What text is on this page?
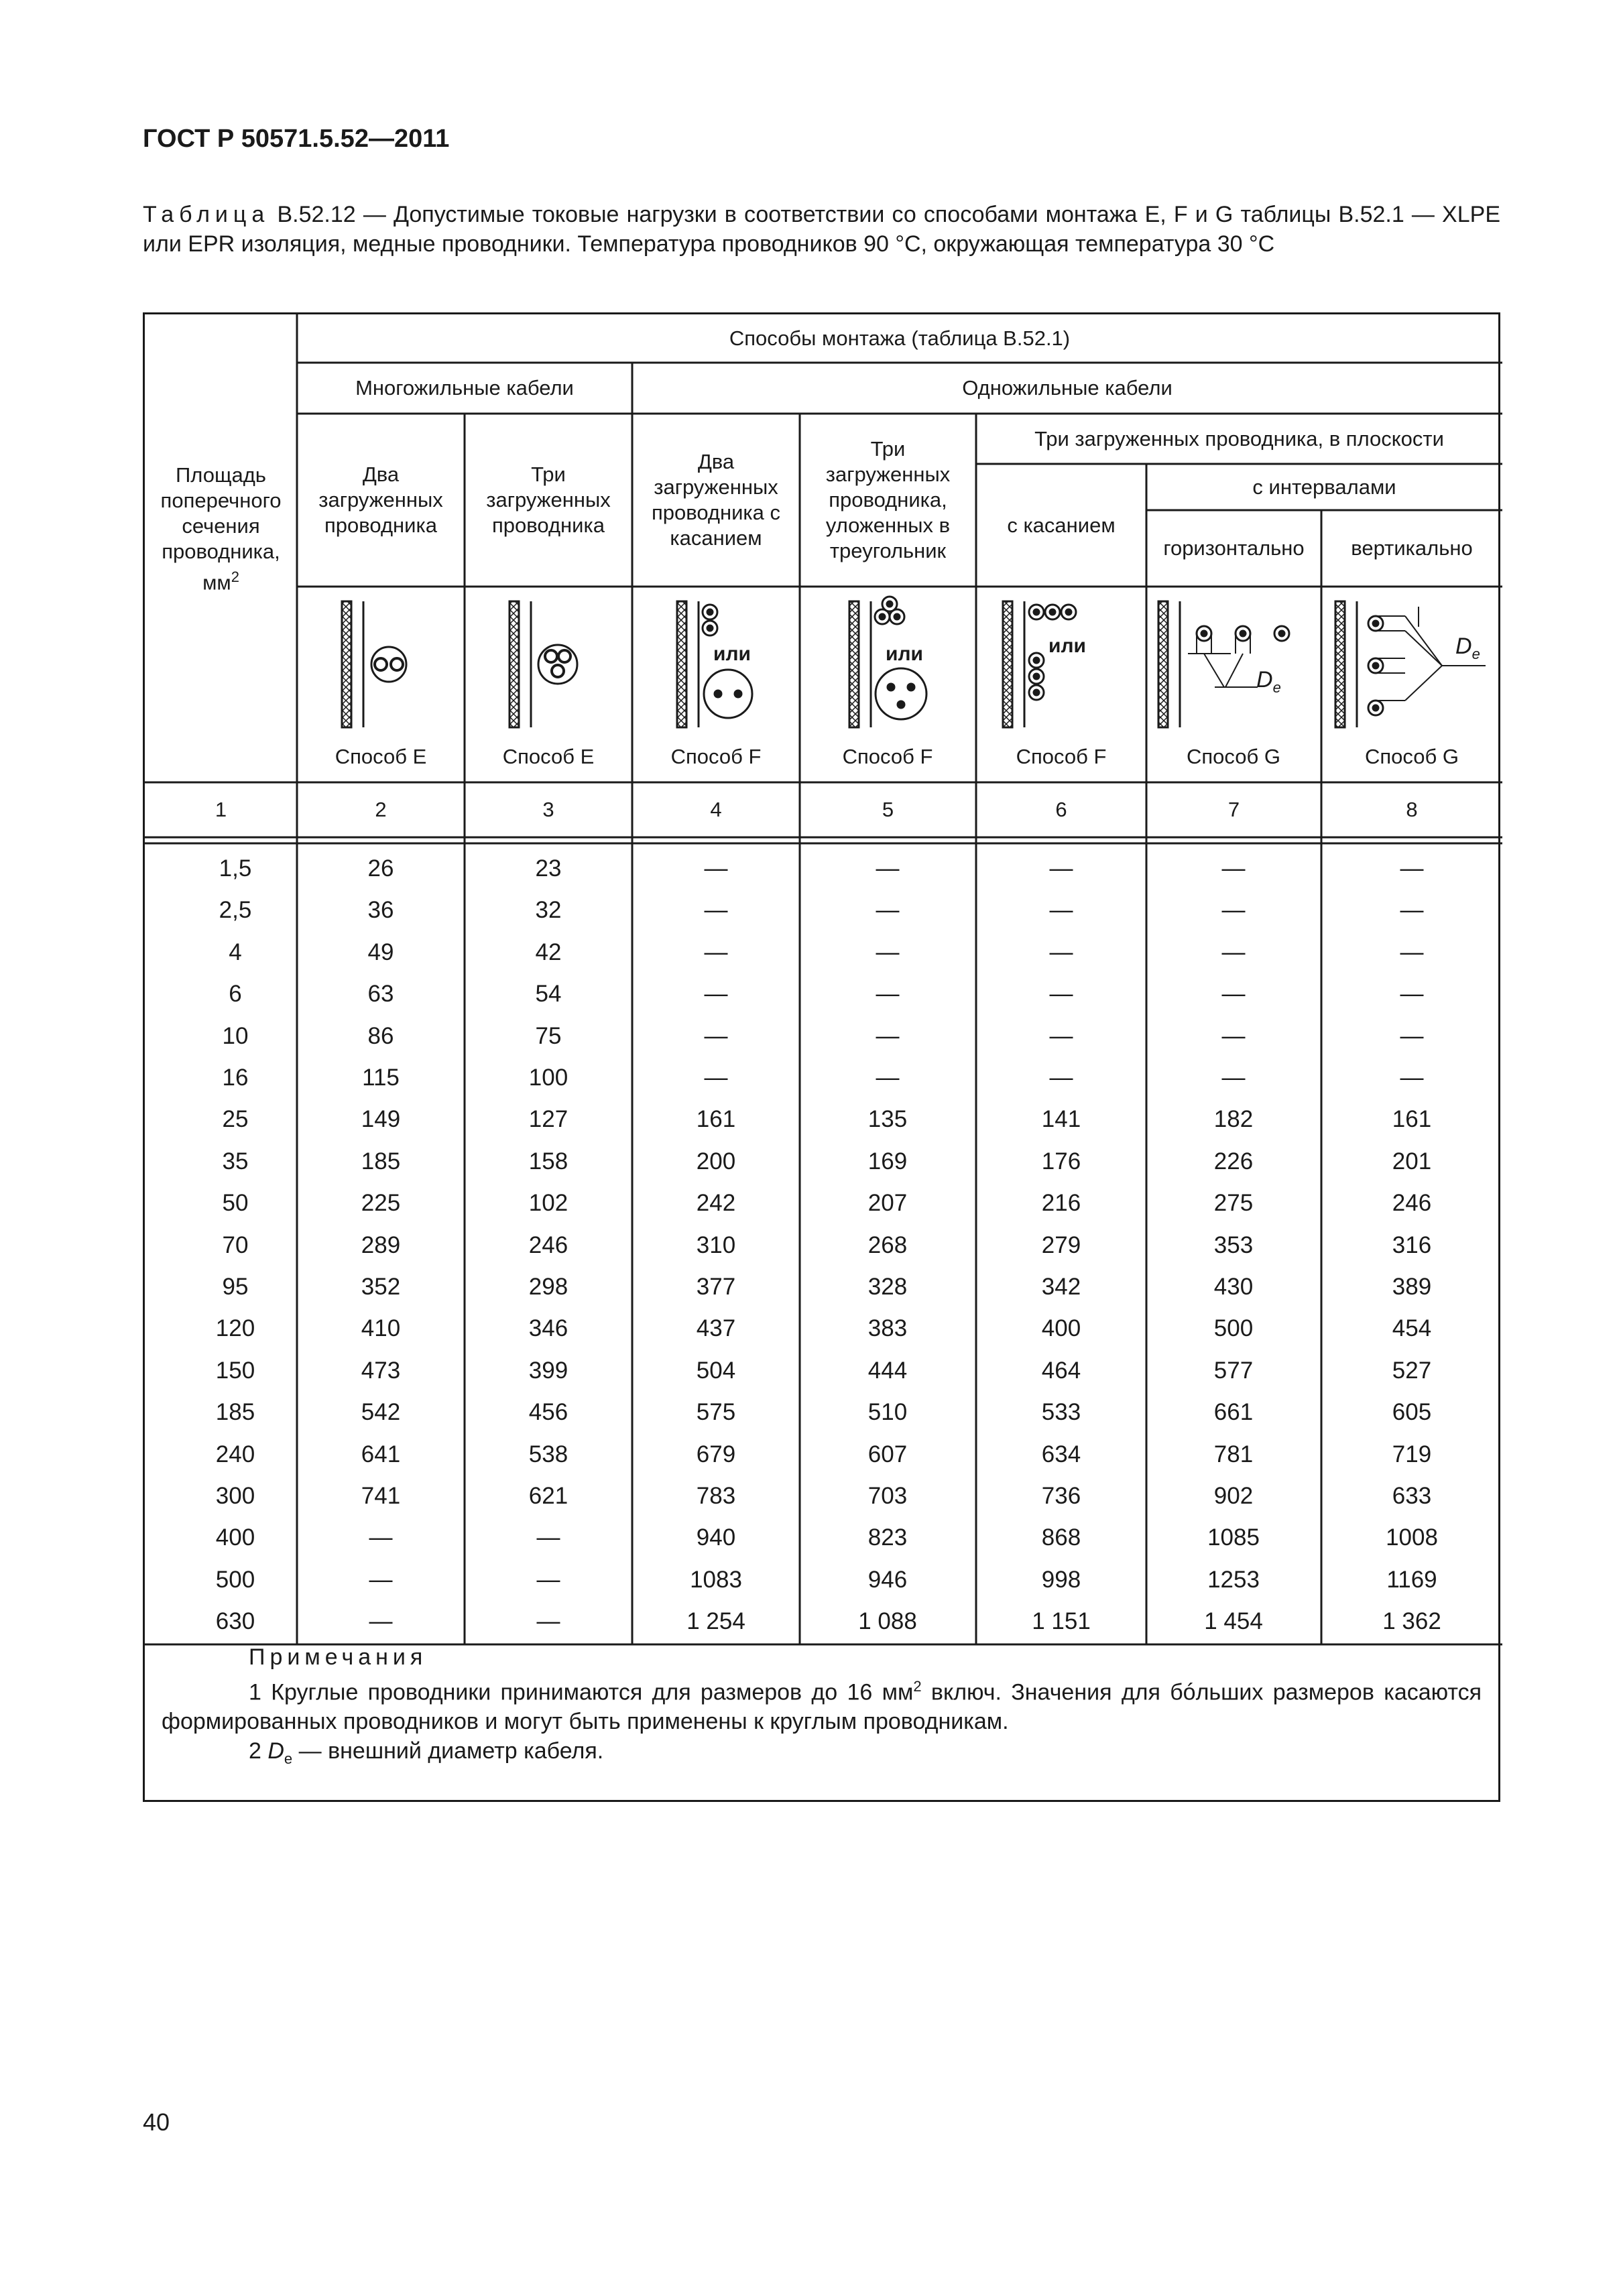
ГОСТ Р 50571.5.52—2011
Таблица B.52.12 — Допустимые токовые нагрузки в соответствии со способами монтажа E, F и G таблицы B.52.1 — XLPE или EPR изоляция, медные проводники. Температура проводников 90 °С, окружающая температура 30 °С
Площадь поперечного сечения проводника, $мм^2$
Способы монтажа (таблица B.52.1)
Многожильные кабели	Одножильные кабели
Два загруженных проводника
Три загруженных проводника
Два загруженных проводника с касанием
Три загруженных проводника, уложенных в треугольник
Три загруженных проводника, в плоскости
с касанием
с интервалами
горизонтально	вертикально
или	или	или
$D_e$
$D_e$
Способ E	Способ E	Способ F	Способ F	Способ F	Способ G	Способ G
1	2	3	4	5	6	7	8
1,5	26	23	—	—	—	—	—
2,5	36	32	—	—	—	—	—
4	49	42	—	—	—	—	—
6	63	54	—	—	—	—	—
10	86	75	—	—	—	—	—
16	115	100	—	—	—	—	—
25	149	127	161	135	141	182	161
35	185	158	200	169	176	226	201
50	225	102	242	207	216	275	246
70	289	246	310	268	279	353	316
95	352	298	377	328	342	430	389
120	410	346	437	383	400	500	454
150	473	399	504	444	464	577	527
185	542	456	575	510	533	661	605
240	641	538	679	607	634	781	719
300	741	621	783	703	736	902	633
400	—	—	940	823	868	1085	1008
500	—	—	1083	946	998	1253	1169
630	—	—	1 254	1 088	1 151	1 454	1 362
Примечания
1 Круглые проводники принимаются для размеров до 16 $мм^2$ включ. Значения для бóльших размеров касаются формированных проводников и могут быть применены к круглым проводникам.
2 $D_e$ — внешний диаметр кабеля.
40
